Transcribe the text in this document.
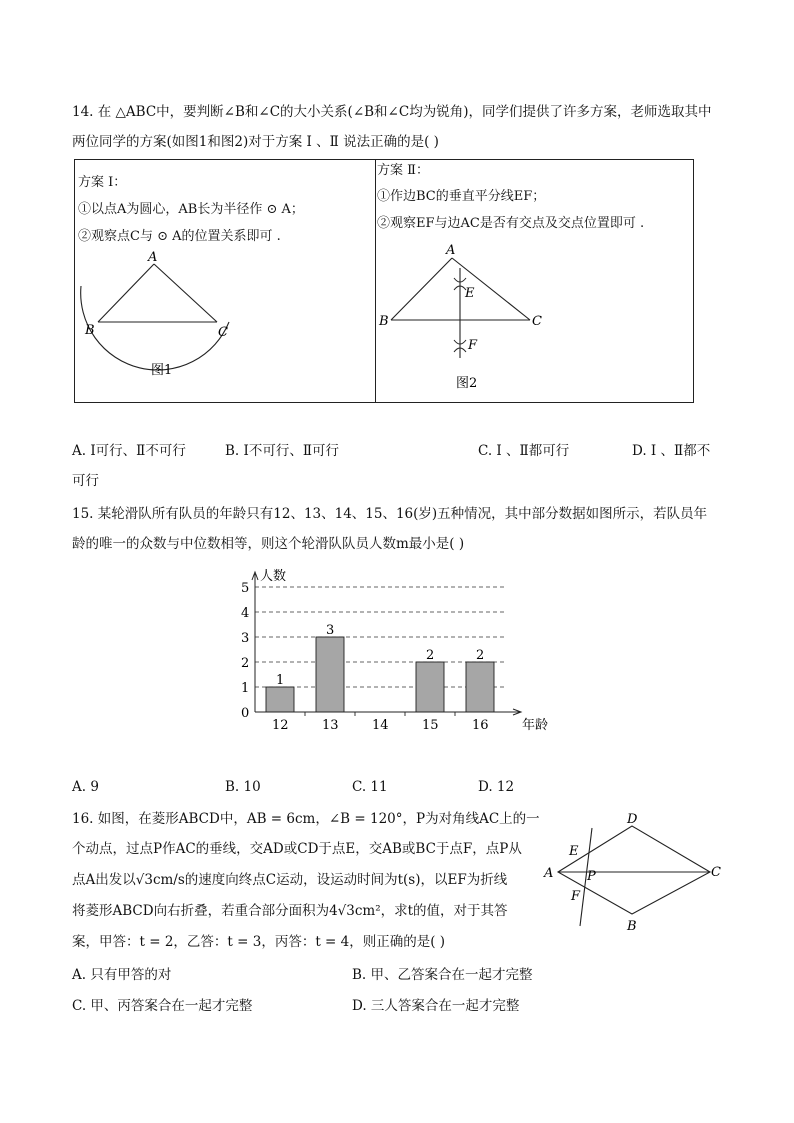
14. 在 △ABC中，要判断∠B和∠C的大小关系(∠B和∠C均为锐角)，同学们提供了许多方案，老师选取其中
两位同学的方案(如图1和图2)对于方案 Ⅰ 、Ⅱ 说法正确的是( )
方案 Ⅰ：
①以点A为圆心，AB长为半径作 ⊙ A；
②观察点C与 ⊙ A的位置关系即可 .
A
B	C
图1
方案 Ⅱ：
①作边BC的垂直平分线EF；
②观察EF与边AC是否有交点及交点位置即可 .
A
B	C
E
F
图2
A. Ⅰ可行、Ⅱ不可行	B. Ⅰ不可行、Ⅱ可行	C. Ⅰ 、Ⅱ都可行	D. Ⅰ 、Ⅱ都不
可行
15. 某轮滑队所有队员的年龄只有12、13、14、15、16(岁)五种情况，其中部分数据如图所示，若队员年
龄的唯一的众数与中位数相等，则这个轮滑队队员人数m最小是( )
0
1
2
3
4
5
1
12
3
13	14
2
15
2
16
人数
年龄
A. 9	B. 10	C. 11	D. 12
16. 如图，在菱形ABCD中，AB = 6cm，∠B = 120°，P为对角线AC上的一
个动点，过点P作AC的垂线，交AD或CD于点E，交AB或BC于点F，点P从
点A出发以√3cm/s的速度向终点C运动，设运动时间为t(s)，以EF为折线
将菱形ABCD向右折叠，若重合部分面积为4√3cm²，求t的值，对于其答
案，甲答：t = 2，乙答：t = 3，丙答：t = 4，则正确的是( )
A
B
C
D
E
F
P
A. 只有甲答的对	B. 甲、乙答案合在一起才完整
C. 甲、丙答案合在一起才完整	D. 三人答案合在一起才完整
